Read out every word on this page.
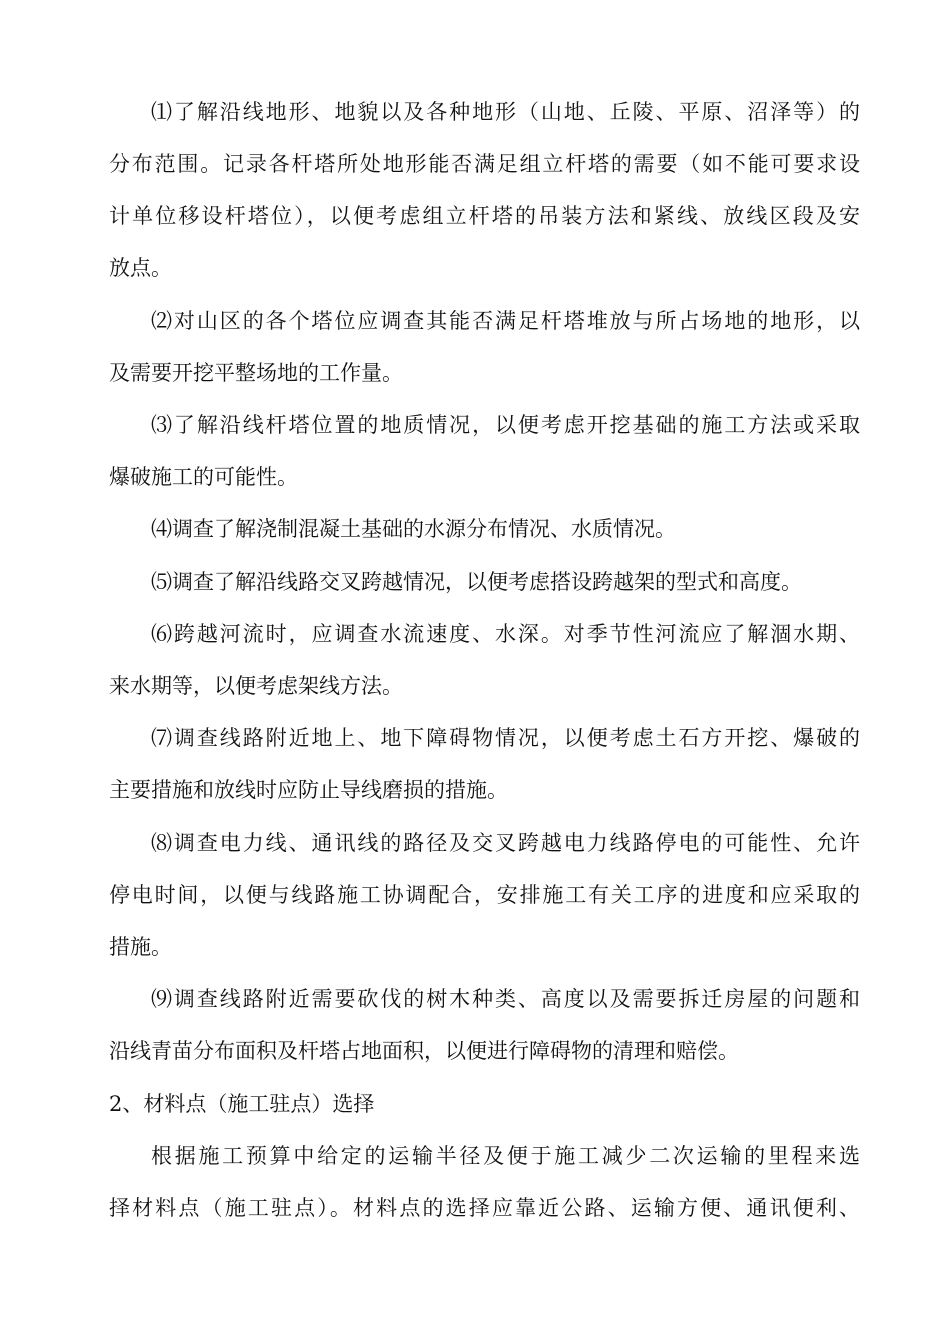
⑴了解沿线地形、地貌以及各种地形（山地、丘陵、平原、沼泽等）的
分布范围。记录各杆塔所处地形能否满足组立杆塔的需要（如不能可要求设
计单位移设杆塔位），以便考虑组立杆塔的吊装方法和紧线、放线区段及安
放点。
⑵对山区的各个塔位应调查其能否满足杆塔堆放与所占场地的地形，以
及需要开挖平整场地的工作量。
⑶了解沿线杆塔位置的地质情况，以便考虑开挖基础的施工方法或采取
爆破施工的可能性。
⑷调查了解浇制混凝土基础的水源分布情况、水质情况。
⑸调查了解沿线路交叉跨越情况，以便考虑搭设跨越架的型式和高度。
⑹跨越河流时，应调查水流速度、水深。对季节性河流应了解涸水期、
来水期等，以便考虑架线方法。
⑺调查线路附近地上、地下障碍物情况，以便考虑土石方开挖、爆破的
主要措施和放线时应防止导线磨损的措施。
⑻调查电力线、通讯线的路径及交叉跨越电力线路停电的可能性、允许
停电时间，以便与线路施工协调配合，安排施工有关工序的进度和应采取的
措施。
⑼调查线路附近需要砍伐的树木种类、高度以及需要拆迁房屋的问题和
沿线青苗分布面积及杆塔占地面积，以便进行障碍物的清理和赔偿。
2、材料点（施工驻点）选择
根据施工预算中给定的运输半径及便于施工减少二次运输的里程来选
择材料点（施工驻点）。材料点的选择应靠近公路、运输方便、通讯便利、
